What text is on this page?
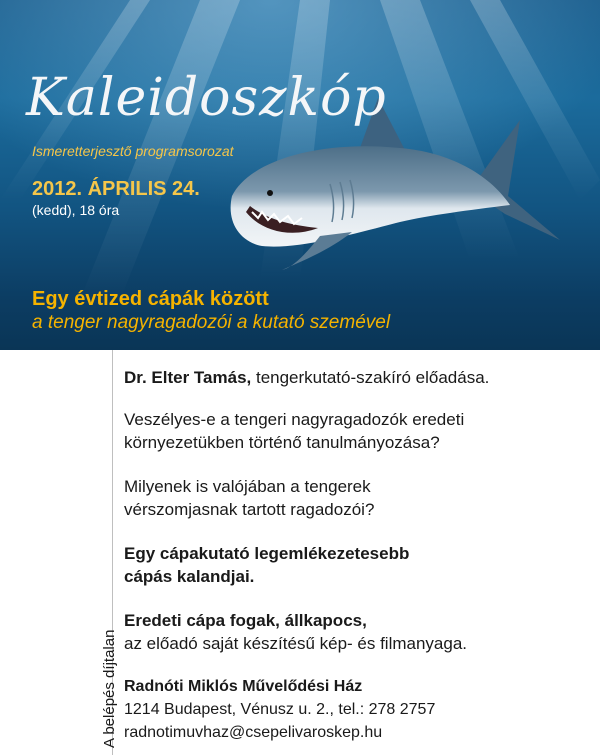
Kaleidoszkóp
Ismeretterjesztő programsorozat
2012. ÁPRILIS 24.
(kedd), 18 óra
Egy évtized cápák között
a tenger nagyragadozói a kutató szemével
A belépés díjtalan

Dr. Elter Tamás, tengerkutató-szakíró előadása.

Veszélyes-e a tengeri nagyragadozók eredeti
környezetükben történő tanulmányozása?

Milyenek is valójában a tengerek
vérszomjasnak tartott ragadozói?

Egy cápakutató legemlékezetesebb
cápás kalandjai.

Eredeti cápa fogak, állkapocs,
az előadó saját készítésű kép- és filmanyaga.

Radnóti Miklós Művelődési Ház
1214 Budapest, Vénusz u. 2., tel.: 278 2757
radnotimuvhaz@csepelivaroskep.hu
